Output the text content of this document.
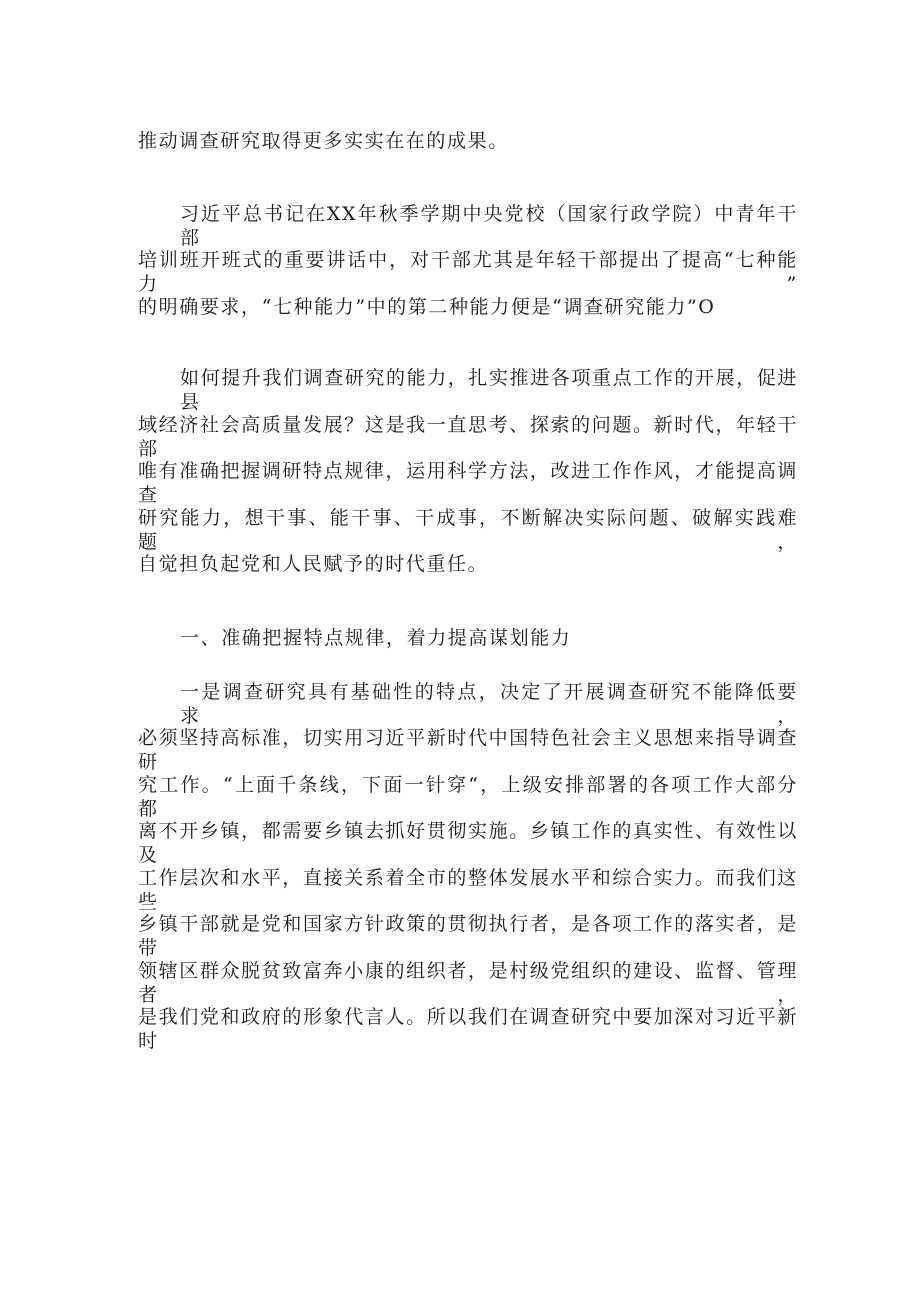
推动调查研究取得更多实实在在的成果。
习近平总书记在XX年秋季学期中央党校（国家行政学院）中青年干部
培训班开班式的重要讲话中，对干部尤其是年轻干部提出了提高“七种能力”
的明确要求，“七种能力”中的第二种能力便是“调查研究能力”O
如何提升我们调查研究的能力，扎实推进各项重点工作的开展，促进县
域经济社会高质量发展？这是我一直思考、探索的问题。新时代，年轻干部
唯有准确把握调研特点规律，运用科学方法，改进工作作风，才能提高调查
研究能力，想干事、能干事、干成事，不断解决实际问题、破解实践难题，
自觉担负起党和人民赋予的时代重任。
一、准确把握特点规律，着力提高谋划能力
一是调查研究具有基础性的特点，决定了开展调查研究不能降低要求，
必须坚持高标准，切实用习近平新时代中国特色社会主义思想来指导调查研
究工作。“上面千条线，下面一针穿“，上级安排部署的各项工作大部分都
离不开乡镇，都需要乡镇去抓好贯彻实施。乡镇工作的真实性、有效性以及
工作层次和水平，直接关系着全市的整体发展水平和综合实力。而我们这些
乡镇干部就是党和国家方针政策的贯彻执行者，是各项工作的落实者，是带
领辖区群众脱贫致富奔小康的组织者，是村级党组织的建设、监督、管理者，
是我们党和政府的形象代言人。所以我们在调查研究中要加深对习近平新时
